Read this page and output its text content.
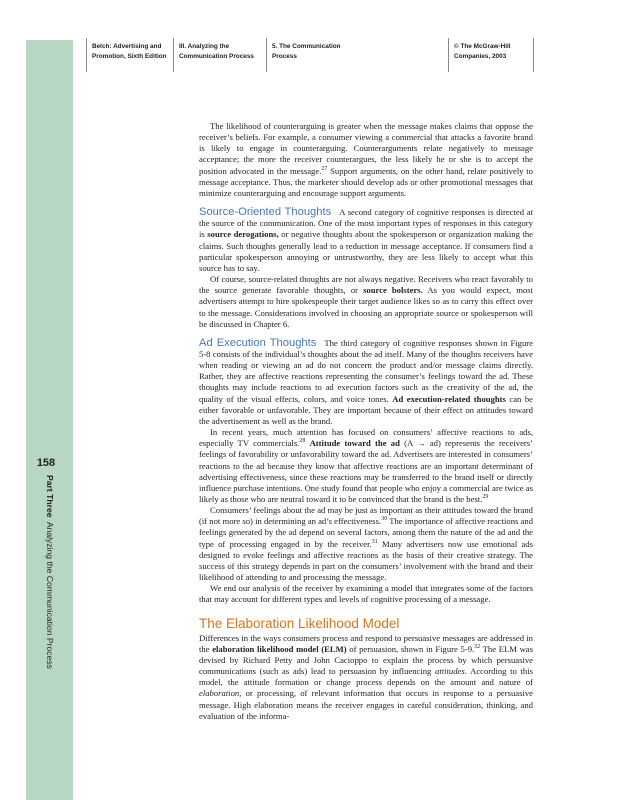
158
Part Three  Analyzing the Communication Process
Belch: Advertising and
Promotion, Sixth Edition
III. Analyzing the
Communication Process
5. The Communication
Process
© The McGraw-Hill
Companies, 2003

The likelihood of counterarguing is greater when the message makes claims that oppose the receiver’s beliefs. For example, a consumer viewing a commercial that attacks a favorite brand is likely to engage in counterarguing. Counterarguments relate negatively to message acceptance; the more the receiver counterargues, the less likely he or she is to accept the position advocated in the message.$^{27}$ Support arguments, on the other hand, relate positively to message acceptance. Thus, the marketer should develop ads or other promotional messages that minimize counterarguing and encourage support arguments.

Source-Oriented Thoughts A second category of cognitive responses is directed at the source of the communication. One of the most important types of responses in this category is source derogations, or negative thoughts about the spokesperson or organization making the claims. Such thoughts generally lead to a reduction in message acceptance. If consumers find a particular spokesperson annoying or untrustworthy, they are less likely to accept what this source has to say.

Of course, source-related thoughts are not always negative. Receivers who react favorably to the source generate favorable thoughts, or source bolsters. As you would expect, most advertisers attempt to hire spokespeople their target audience likes so as to carry this effect over to the message. Considerations involved in choosing an appropriate source or spokesperson will be discussed in Chapter 6.

Ad Execution Thoughts The third category of cognitive responses shown in Figure 5-8 consists of the individual’s thoughts about the ad itself. Many of the thoughts receivers have when reading or viewing an ad do not concern the product and/or message claims directly. Rather, they are affective reactions representing the consumer’s feelings toward the ad. These thoughts may include reactions to ad execution factors such as the creativity of the ad, the quality of the visual effects, colors, and voice tones. Ad execution-related thoughts can be either favorable or unfavorable. They are important because of their effect on attitudes toward the advertisement as well as the brand.

In recent years, much attention has focused on consumers’ affective reactions to ads, especially TV commercials.$^{28}$ Attitude toward the ad (A → ad) represents the receivers’ feelings of favorability or unfavorability toward the ad. Advertisers are interested in consumers’ reactions to the ad because they know that affective reactions are an important determinant of advertising effectiveness, since these reactions may be transferred to the brand itself or directly influence purchase intentions. One study found that people who enjoy a commercial are twice as likely as those who are neutral toward it to be convinced that the brand is the best.$^{29}$

Consumers’ feelings about the ad may be just as important as their attitudes toward the brand (if not more so) in determining an ad’s effectiveness.$^{30}$ The importance of affective reactions and feelings generated by the ad depend on several factors, among them the nature of the ad and the type of processing engaged in by the receiver.$^{31}$ Many advertisers now use emotional ads designed to evoke feelings and affective reactions as the basis of their creative strategy. The success of this strategy depends in part on the consumers’ involvement with the brand and their likelihood of attending to and processing the message.

We end our analysis of the receiver by examining a model that integrates some of the factors that may account for different types and levels of cognitive processing of a message.

The Elaboration Likelihood Model

Differences in the ways consumers process and respond to persuasive messages are addressed in the elaboration likelihood model (ELM) of persuasion, shown in Figure 5-9.32 The ELM was devised by Richard Petty and John Cacioppo to explain the process by which persuasive communications (such as ads) lead to persuasion by influencing attitudes. According to this model, the attitude formation or change process depends on the amount and nature of elaboration, or processing, of relevant information that occurs in response to a persuasive message. High elaboration means the receiver engages in careful consideration, thinking, and evaluation of the informa-
